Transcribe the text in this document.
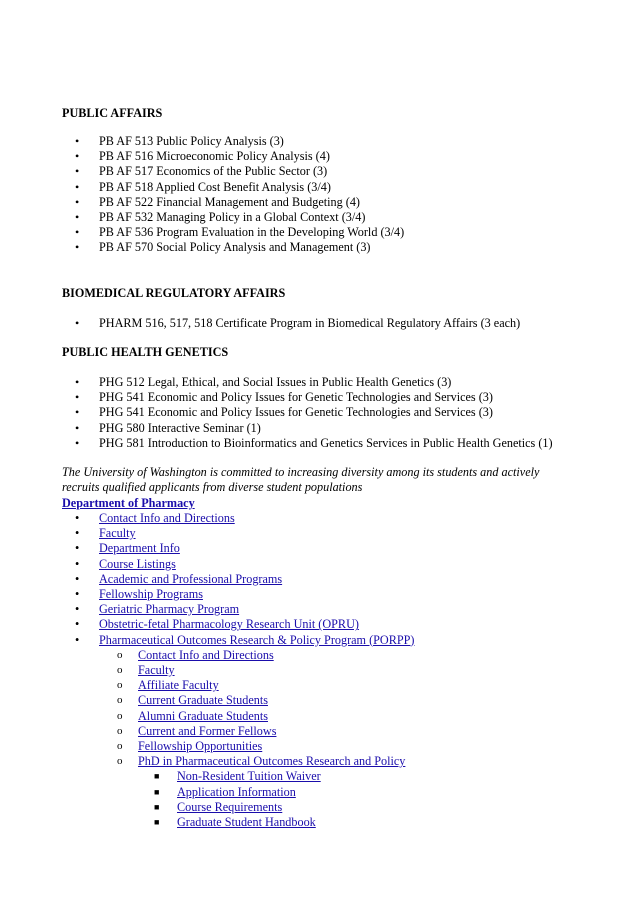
PUBLIC AFFAIRS
• PB AF 513 Public Policy Analysis (3)
• PB AF 516 Microeconomic Policy Analysis (4)
• PB AF 517 Economics of the Public Sector (3)
• PB AF 518 Applied Cost Benefit Analysis (3/4)
• PB AF 522 Financial Management and Budgeting (4)
• PB AF 532 Managing Policy in a Global Context (3/4)
• PB AF 536 Program Evaluation in the Developing World (3/4)
• PB AF 570 Social Policy Analysis and Management (3)
BIOMEDICAL REGULATORY AFFAIRS
• PHARM 516, 517, 518 Certificate Program in Biomedical Regulatory Affairs (3 each)
PUBLIC HEALTH GENETICS
• PHG 512 Legal, Ethical, and Social Issues in Public Health Genetics (3)
• PHG 541 Economic and Policy Issues for Genetic Technologies and Services (3)
• PHG 541 Economic and Policy Issues for Genetic Technologies and Services (3)
• PHG 580 Interactive Seminar (1)
• PHG 581 Introduction to Bioinformatics and Genetics Services in Public Health Genetics (1)
The University of Washington is committed to increasing diversity among its students and actively recruits qualified applicants from diverse student populations
Department of Pharmacy
• Contact Info and Directions
• Faculty
• Department Info
• Course Listings
• Academic and Professional Programs
• Fellowship Programs
• Geriatric Pharmacy Program
• Obstetric-fetal Pharmacology Research Unit (OPRU)
• Pharmaceutical Outcomes Research & Policy Program (PORPP)
o Contact Info and Directions
o Faculty
o Affiliate Faculty
o Current Graduate Students
o Alumni Graduate Students
o Current and Former Fellows
o Fellowship Opportunities
o PhD in Pharmaceutical Outcomes Research and Policy
■ Non-Resident Tuition Waiver
■ Application Information
■ Course Requirements
■ Graduate Student Handbook
